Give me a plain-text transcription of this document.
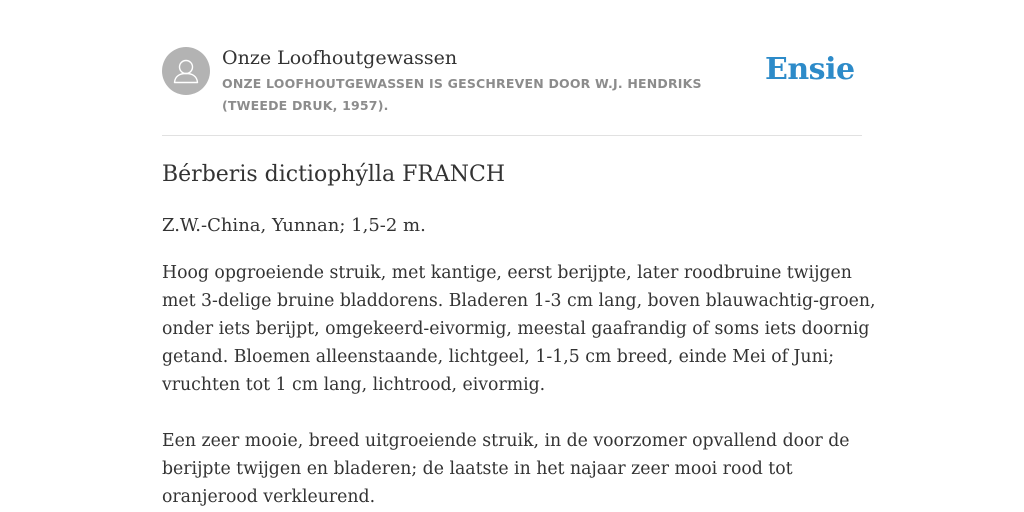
Onze Loofhoutgewassen
ONZE LOOFHOUTGEWASSEN IS GESCHREVEN DOOR W.J. HENDRIKS (TWEEDE DRUK, 1957).
Ensie
Bérberis dictiophýlla FRANCH
Z.W.-China, Yunnan; 1,5-2 m.

Hoog opgroeiende struik, met kantige, eerst berijpte, later roodbruine twijgen
met 3-delige bruine bladdorens. Bladeren 1-3 cm lang, boven blauwachtig-groen,
onder iets berijpt, omgekeerd-eivormig, meestal gaafrandig of soms iets doornig
getand. Bloemen alleenstaande, lichtgeel, 1-1,5 cm breed, einde Mei of Juni;
vruchten tot 1 cm lang, lichtrood, eivormig.

Een zeer mooie, breed uitgroeiende struik, in de voorzomer opvallend door de
berijpte twijgen en bladeren; de laatste in het najaar zeer mooi rood tot
oranjerood verkleurend.
